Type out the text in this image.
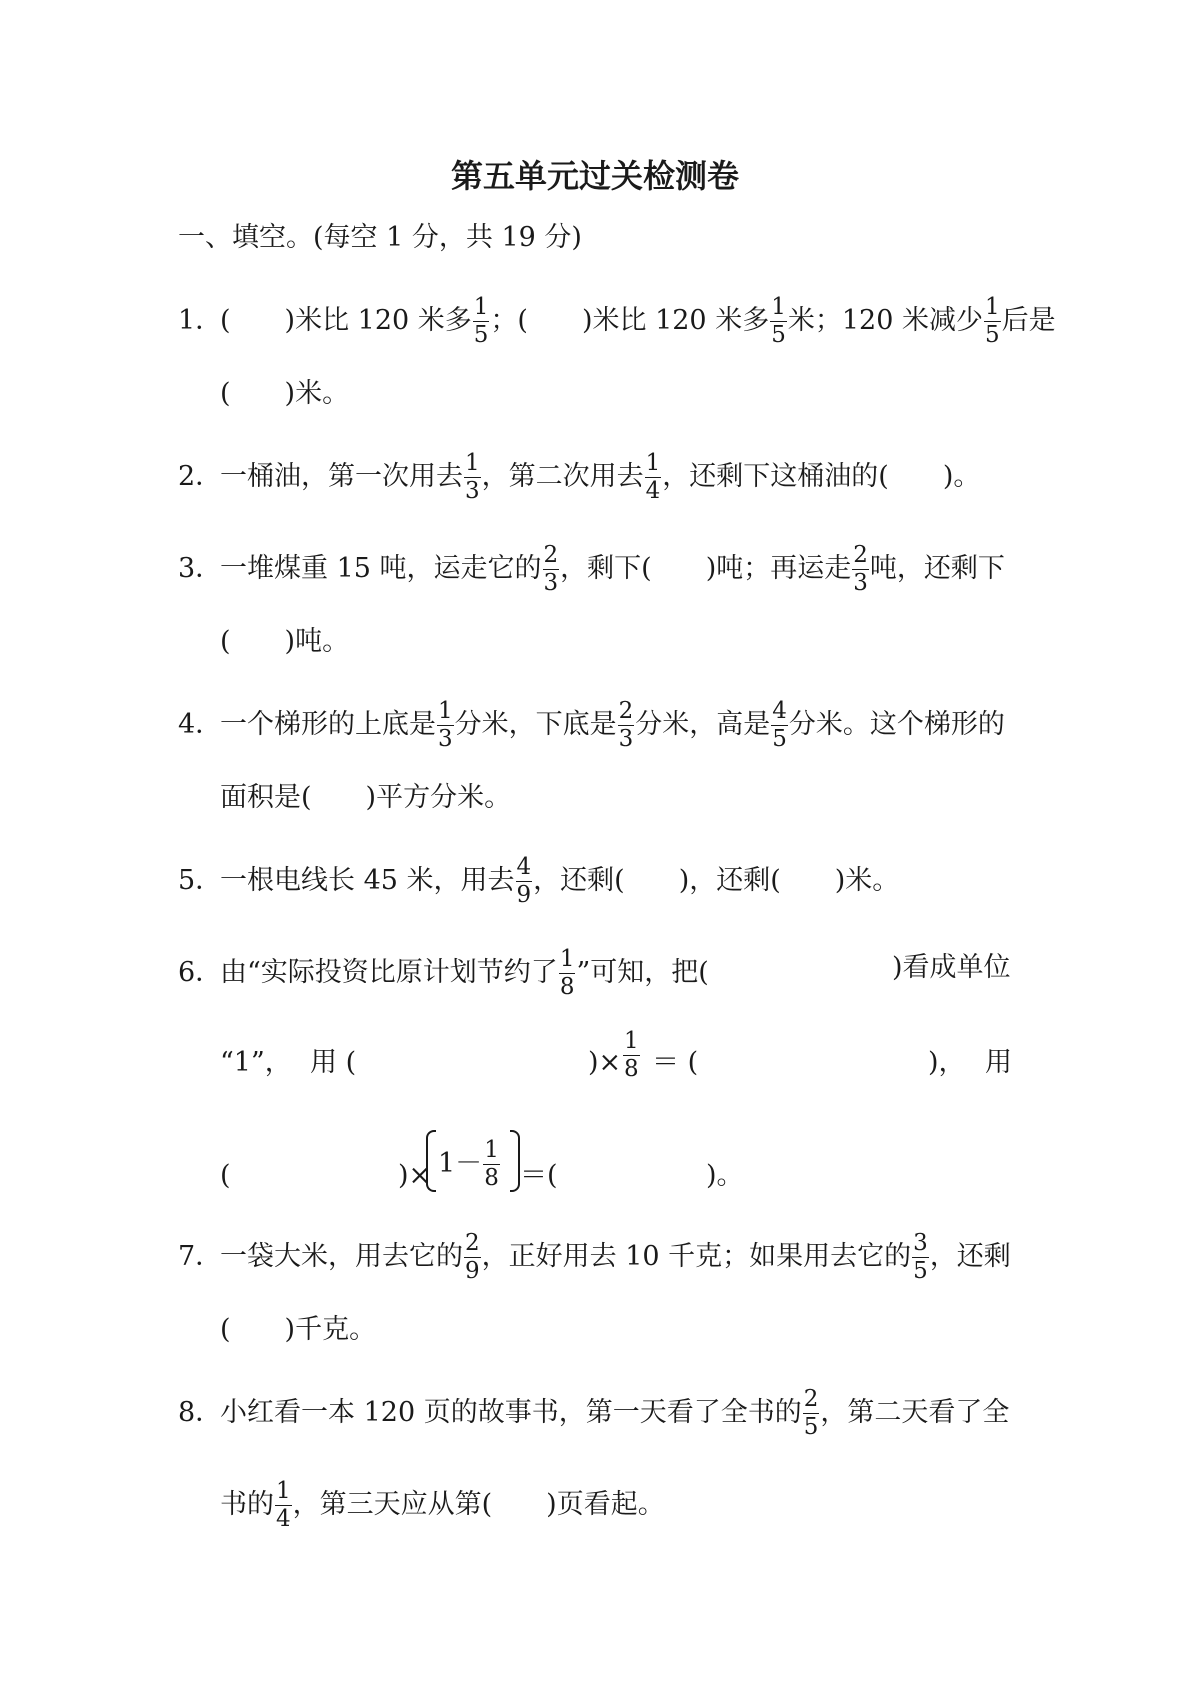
第五单元过关检测卷
一、填空。(每空 1 分，共 19 分)
1．(　　)米比 120 米多 $\frac{1}{5}$ ；(　　)米比 120 米多 $\frac{1}{5}$ 米；120 米减少 $\frac{1}{5}$ 后是
(　　)米。
2．一桶油，第一次用去 $\frac{1}{3}$ ，第二次用去 $\frac{1}{4}$ ，还剩下这桶油的(　　)。
3．一堆煤重 15 吨，运走它的 $\frac{2}{3}$ ，剩下(　　)吨；再运走 $\frac{2}{3}$ 吨，还剩下
(　　)吨。
4．一个梯形的上底是 $\frac{1}{3}$ 分米，下底是 $\frac{2}{3}$ 分米，高是 $\frac{4}{5}$ 分米。这个梯形的
面积是(　　)平方分米。
5．一根电线长 45 米，用去 $\frac{4}{9}$ ，还剩(　　)，还剩(　　)米。
6．由“实际投资比原计划节约了 $\frac{1}{8}$ ”可知，把(	)看成单位
“1”， 用 (	)× $\frac{1}{8}$ ＝ (	)， 用
(	)× $1- \frac{1}{8}$ ＝(	)。
7．一袋大米，用去它的 $\frac{2}{9}$ ，正好用去 10 千克；如果用去它的 $\frac{3}{5}$ ，还剩
(　　)千克。
8．小红看一本 120 页的故事书，第一天看了全书的 $\frac{2}{5}$ ，第二天看了全
书的 $\frac{1}{4}$ ，第三天应从第(　　)页看起。
